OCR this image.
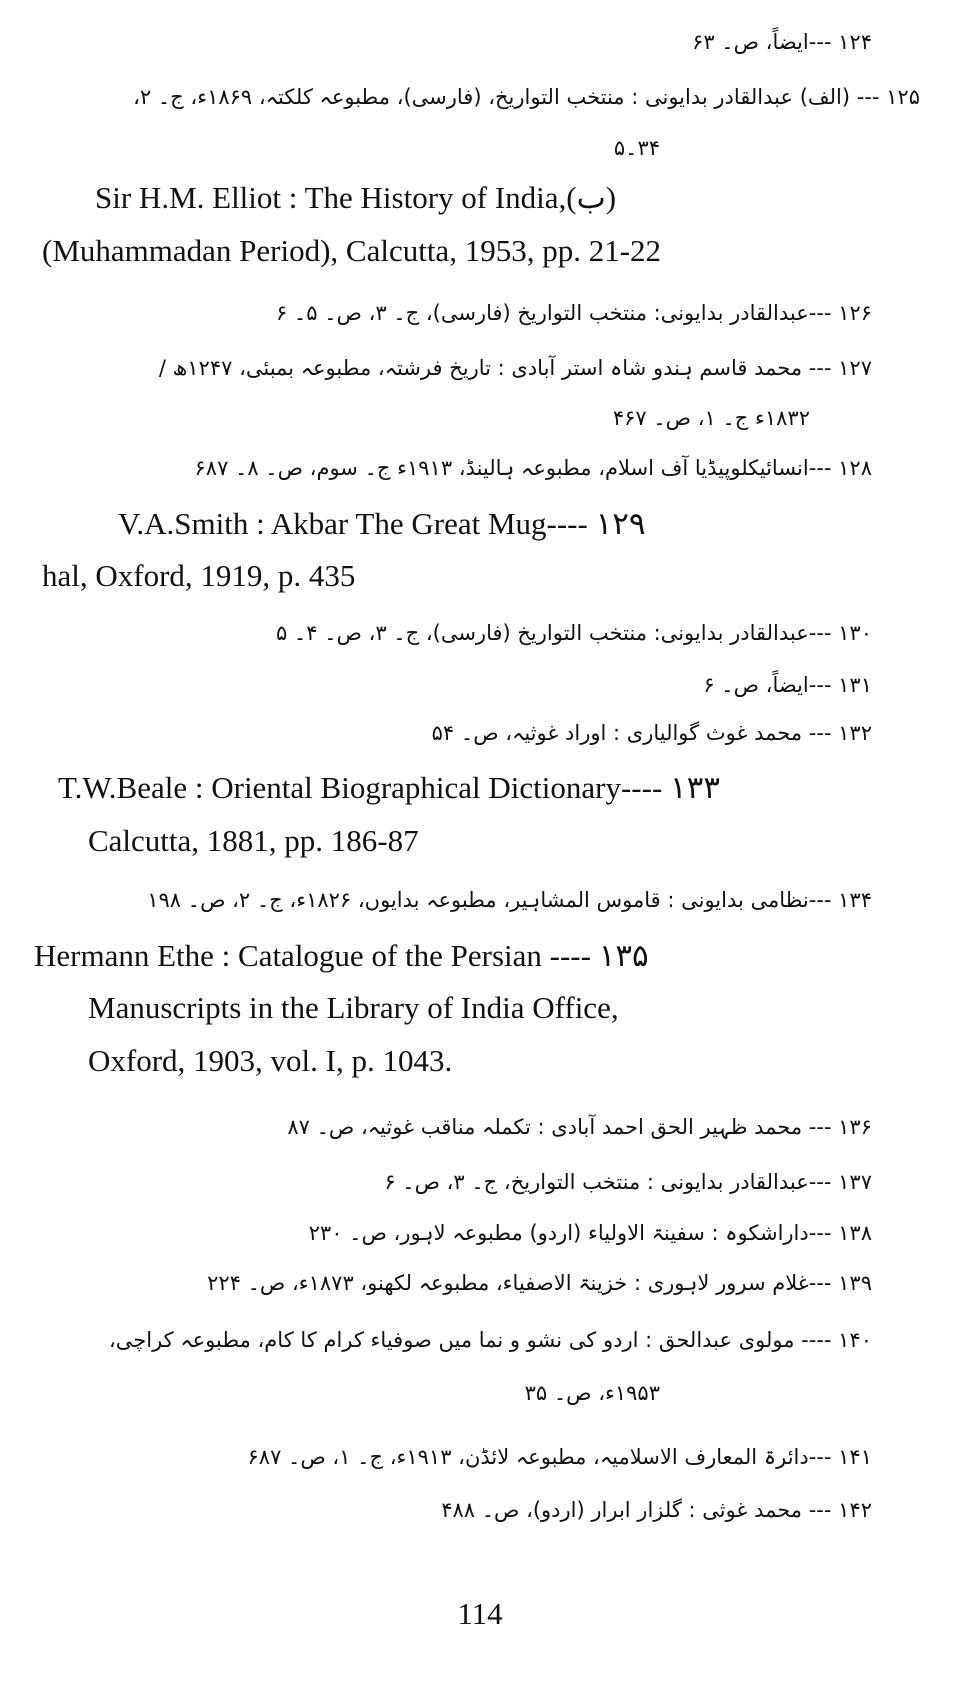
۱۲۴ ---ایضاً، ص۔ ۶۳
۱۲۵ --- (الف) عبدالقادر بدایونی : منتخب التواریخ، (فارسی)، مطبوعہ کلکتہ، ۱۸۶۹ء، ج۔ ۲،
۳۴۔۵
Sir H.M. Elliot : The History of India,(ب)
(Muhammadan Period), Calcutta, 1953, pp. 21-22
۱۲۶ ---عبدالقادر بدایونی: منتخب التواریخ (فارسی)، ج۔ ۳، ص۔ ۵۔ ۶
۱۲۷ --- محمد قاسم ہندو شاہ استر آبادی : تاریخ فرشتہ، مطبوعہ بمبئی، ۱۲۴۷ھ /
۱۸۳۲ء ج۔ ۱، ص۔ ۴۶۷
۱۲۸ ---انسائیکلوپیڈیا آف اسلام، مطبوعہ ہالینڈ، ۱۹۱۳ء ج۔ سوم، ص۔ ۸۔ ۶۸۷
V.A.Smith : Akbar The Great Mug---- ۱۲۹
hal, Oxford, 1919, p. 435
۱۳۰ ---عبدالقادر بدایونی: منتخب التواریخ (فارسی)، ج۔ ۳، ص۔ ۴۔ ۵
۱۳۱ ---ایضاً، ص۔ ۶
۱۳۲ --- محمد غوث گوالیاری : اوراد غوثیہ، ص۔ ۵۴
T.W.Beale : Oriental Biographical Dictionary---- ۱۳۳
Calcutta, 1881, pp. 186-87
۱۳۴ ---نظامی بدایونی : قاموس المشاہیر، مطبوعہ بدایوں، ۱۸۲۶ء، ج۔ ۲، ص۔ ۱۹۸
Hermann Ethe : Catalogue of the Persian ---- ۱۳۵
Manuscripts in the Library of India Office,
Oxford, 1903, vol. I, p. 1043.
۱۳۶ --- محمد ظہیر الحق احمد آبادی : تکملہ مناقب غوثیہ، ص۔ ۸۷
۱۳۷ ---عبدالقادر بدایونی : منتخب التواریخ، ج۔ ۳، ص۔ ۶
۱۳۸ ---داراشکوہ : سفینۃ الاولیاء (اردو) مطبوعہ لاہور، ص۔ ۲۳۰
۱۳۹ ---غلام سرور لاہوری : خزینۃ الاصفیاء، مطبوعہ لکھنو، ۱۸۷۳ء، ص۔ ۲۲۴
۱۴۰ ---- مولوی عبدالحق : اردو کی نشو و نما میں صوفیاء کرام کا کام، مطبوعہ کراچی،
۱۹۵۳ء، ص۔ ۳۵
۱۴۱ ---دائرۃ المعارف الاسلامیہ، مطبوعہ لائڈن، ۱۹۱۳ء، ج۔ ۱، ص۔ ۶۸۷
۱۴۲ --- محمد غوثی : گلزار ابرار (اردو)، ص۔ ۴۸۸
114
